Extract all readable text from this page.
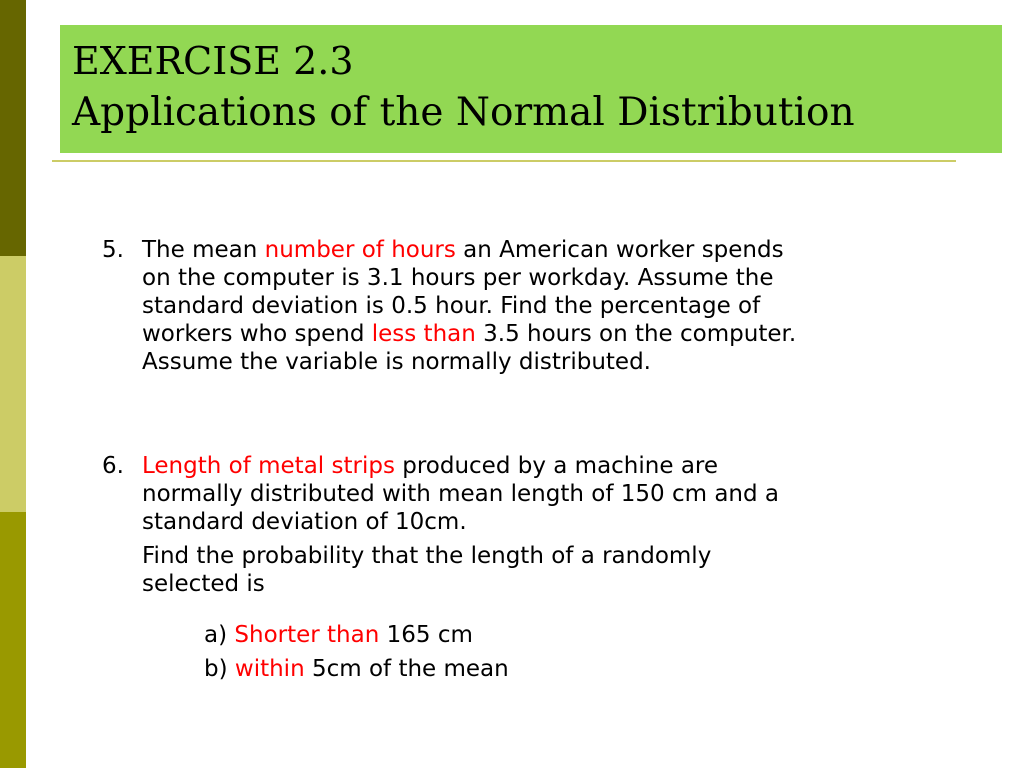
EXERCISE 2.3
Applications of the Normal Distribution
5. The mean number of hours an American worker spends
on the computer is 3.1 hours per workday. Assume the
standard deviation is 0.5 hour. Find the percentage of
workers who spend less than 3.5 hours on the computer.
Assume the variable is normally distributed.
6. Length of metal strips produced by a machine are
normally distributed with mean length of 150 cm and a
standard deviation of 10cm.
Find the probability that the length of a randomly
selected is
a) Shorter than 165 cm
b) within 5cm of the mean
